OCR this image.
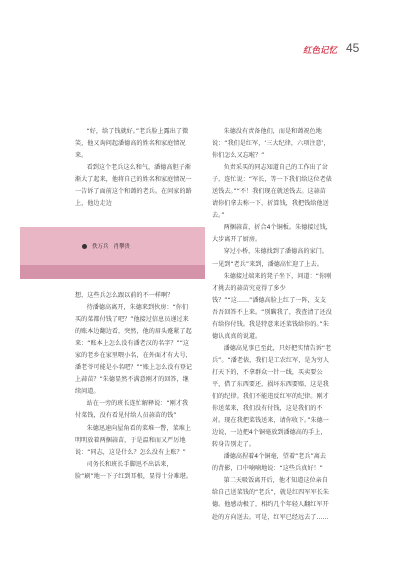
红色记忆 45

“好，给了钱就好。”老兵脸上露出了微笑，他又询问起潘德高的姓名和家庭情况来。

看到这个老兵这么和气，潘德高胆子渐渐大了起来，他将自己的姓名和家庭情况一一告诉了面前这个和蔼的老兵。在问家的路上，他边走边

佚万兵 肖攀贵

想，这些兵怎么跟以前的不一样啊？

待潘德高离开，朱德来到伙房：“你们买的菜都付钱了吧？”他接过信息员递过来的账本边翻边看，突然，他的眉头蹙紧了起来：“账本上怎么没有潘老汉的名字？”“这家的老乡在家里喂小名，在外面才有大号，潘老爷可能是小名吧？”“账上怎么没有登记上蒜苗？”朱德显然不满意刚才的回答，继续问道。

站在一旁的班长连忙解释说：“刚才我付菜钱，没有看见付给人员蒜苗的钱”

朱德迅速向屋角看的菜堆一瞥，菜堆上明明放着两捆蒜苗，于是温和而又严厉地说：“同志，这是什么？怎么没有上账？”

司务长和班长手脚迅不出话来，脸“刷”地一下子红到耳根，显得十分难堪。

朱德没有责备他们，而是和蔼祝色地说：“我们是红军，‘三大纪律，六项注意’，你们怎么又忘啦？”

负责采买的同志知道自己的工作出了岔子，连忙说：“军长，等一下我们给这位老俵送钱去。”“不！我们现在就送钱去。这蒜苗请你们拿去称一下，折算钱，我把钱给他送去。”

两捆蒜苗，折合4个铜板。朱德接过钱，大步离开了厨房。

穿过小桥，朱德找到了潘德高的家门。一见到“老兵”来到，潘德高忙迎了上去。

朱德接过端来的凳子坐下，问道：“你刚才挑去的蒜苗究竟得了多少钱？”“这……”潘德高脸上红了一阵，支支吾吾回答不上来。“别瞒我了，我查清了还没有给你付钱。我是特意来还菜钱给你的。”朱德认真真的说道。

潘德高见事已至此，只好把实情告诉“老兵”。“潘老俵，我们是工农红军，是为穷人打天下的，不拿群众一针一线，买卖要公平，借了东西要还，损坏东西要赔，这是我们的纪律。我们不能违反红军的纪律。刚才你送菜来，我们没有付钱，这是我们的不对。现在我把菜钱送来，请你收下。”朱德一边说，一边把4个铜毫放到潘德高的手上，转身告别走了。

潘德高捏着4个铜毫，望着“老兵”离去的背影，口中喃喃地说：“这些兵真好！”

第二天吸饭离开后，他才知道这位亲自给自己送菜钱的“老兵”，就是红四军军长朱德。他感动极了，相约几个年轻人翻红军开赴的方向送去。可是，红军已经远去了……
